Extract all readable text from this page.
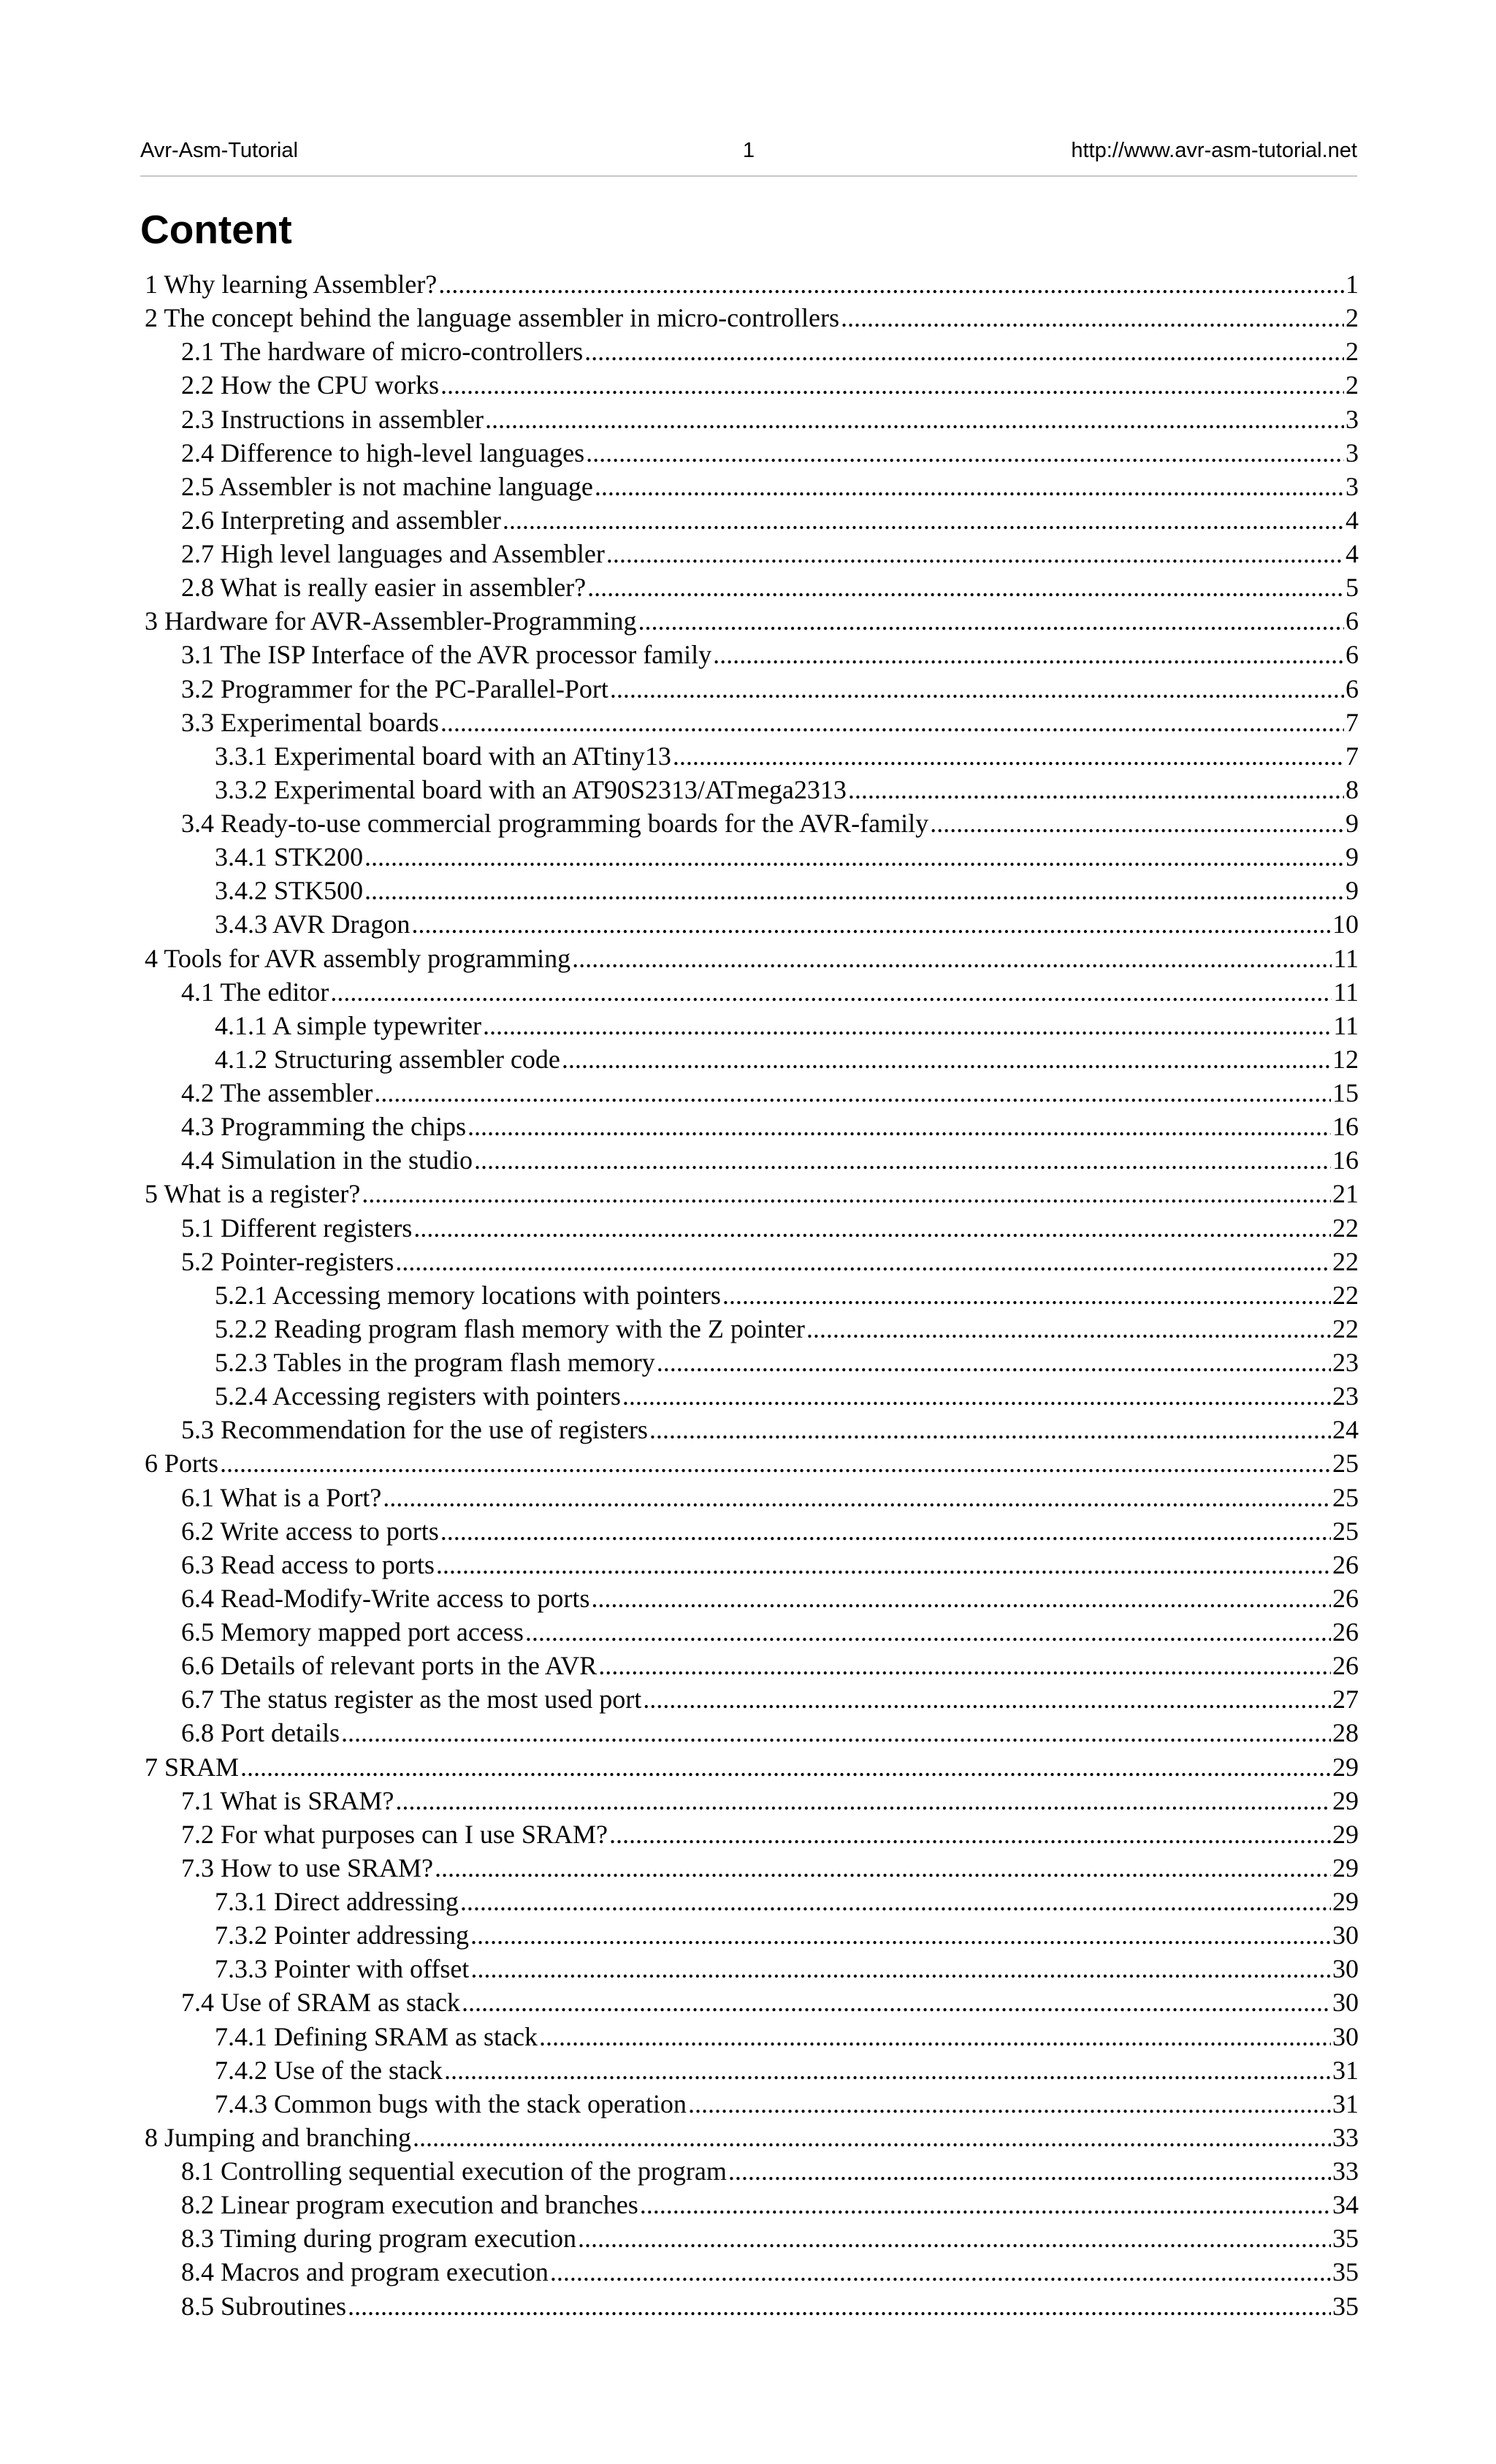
Avr-Asm-Tutorial	1	http://www.avr-asm-tutorial.net
Content
1 Why learning Assembler? .....	1
2 The concept behind the language assembler in micro-controllers .....	2
2.1 The hardware of micro-controllers .....	2
2.2 How the CPU works .....	2
2.3 Instructions in assembler .....	3
2.4 Difference to high-level languages .....	3
2.5 Assembler is not machine language .....	3
2.6 Interpreting and assembler .....	4
2.7 High level languages and Assembler .....	4
2.8 What is really easier in assembler? .....	5
3 Hardware for AVR-Assembler-Programming .....	6
3.1 The ISP Interface of the AVR processor family .....	6
3.2 Programmer for the PC-Parallel-Port .....	6
3.3 Experimental boards .....	7
3.3.1 Experimental board with an ATtiny13 .....	7
3.3.2 Experimental board with an AT90S2313/ATmega2313 .....	8
3.4 Ready-to-use commercial programming boards for the AVR-family .....	9
3.4.1 STK200 .....	9
3.4.2 STK500 .....	9
3.4.3 AVR Dragon .....	10
4 Tools for AVR assembly programming .....	11
4.1 The editor .....	11
4.1.1 A simple typewriter .....	11
4.1.2 Structuring assembler code .....	12
4.2 The assembler .....	15
4.3 Programming the chips .....	16
4.4 Simulation in the studio .....	16
5 What is a register? .....	21
5.1 Different registers .....	22
5.2 Pointer-registers .....	22
5.2.1 Accessing memory locations with pointers .....	22
5.2.2 Reading program flash memory with the Z pointer .....	22
5.2.3 Tables in the program flash memory .....	23
5.2.4 Accessing registers with pointers .....	23
5.3 Recommendation for the use of registers .....	24
6 Ports .....	25
6.1 What is a Port? .....	25
6.2 Write access to ports .....	25
6.3 Read access to ports .....	26
6.4 Read-Modify-Write access to ports .....	26
6.5 Memory mapped port access .....	26
6.6 Details of relevant ports in the AVR .....	26
6.7 The status register as the most used port .....	27
6.8 Port details .....	28
7 SRAM .....	29
7.1 What is SRAM? .....	29
7.2 For what purposes can I use SRAM? .....	29
7.3 How to use SRAM? .....	29
7.3.1 Direct addressing .....	29
7.3.2 Pointer addressing .....	30
7.3.3 Pointer with offset .....	30
7.4 Use of SRAM as stack .....	30
7.4.1 Defining SRAM as stack .....	30
7.4.2 Use of the stack .....	31
7.4.3 Common bugs with the stack operation .....	31
8 Jumping and branching .....	33
8.1 Controlling sequential execution of the program .....	33
8.2 Linear program execution and branches .....	34
8.3 Timing during program execution .....	35
8.4 Macros and program execution .....	35
8.5 Subroutines .....	35
